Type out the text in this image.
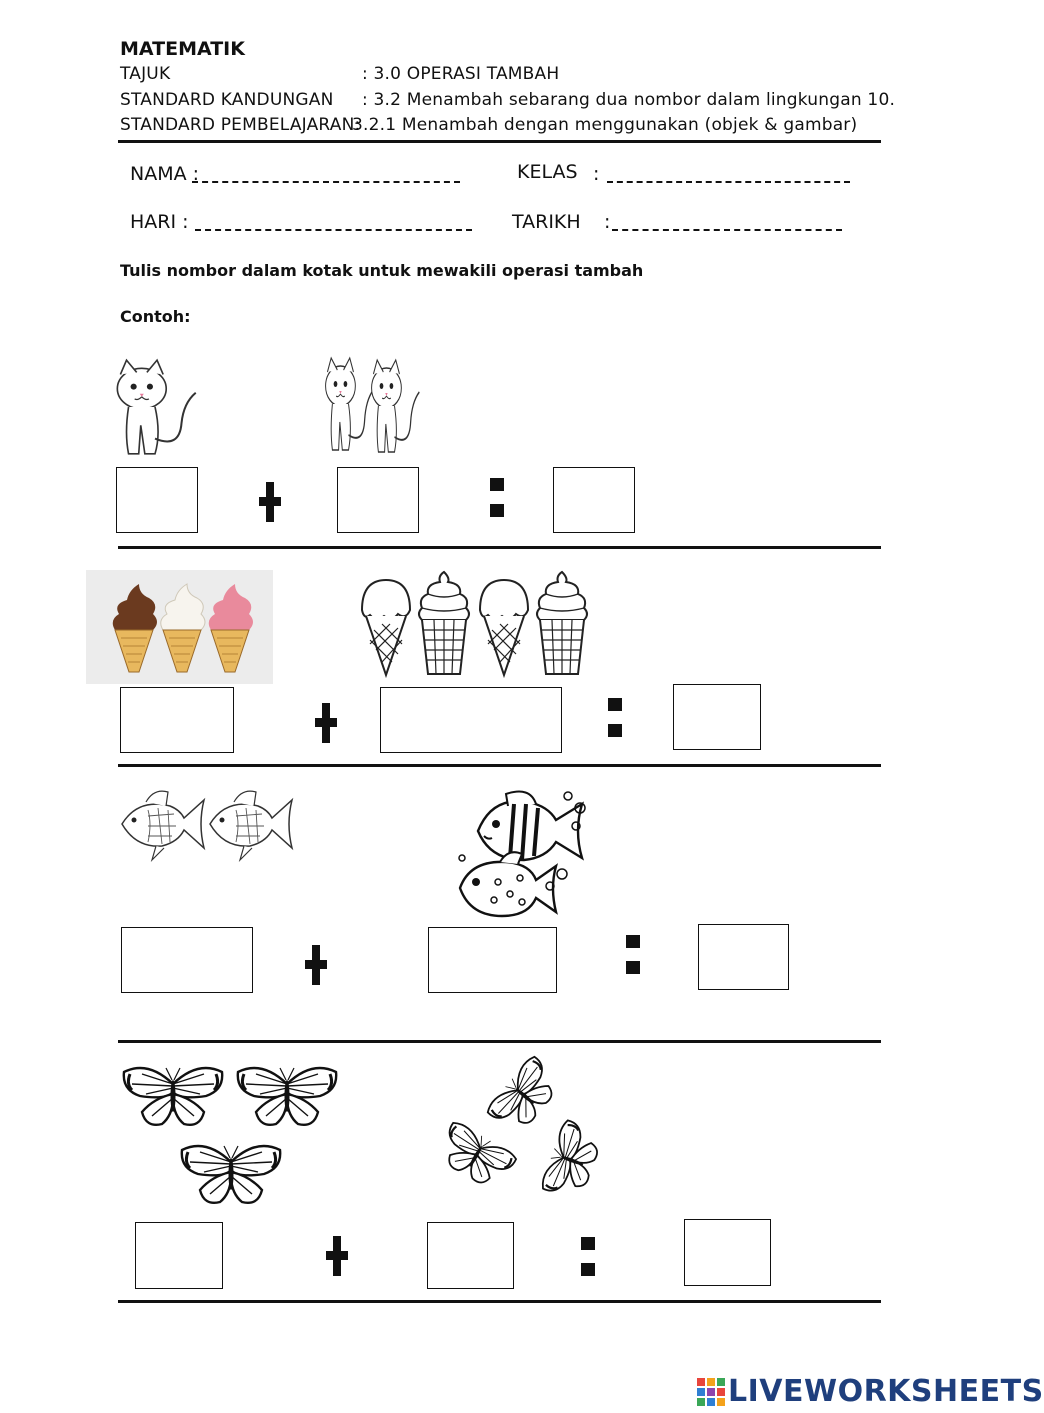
MATEMATIK
TAJUK	: 3.0 OPERASI TAMBAH
STANDARD KANDUNGAN : 3.2 Menambah sebarang dua nombor dalam lingkungan 10.
STANDARD PEMBELAJARAN:
3.2.1 Menambah dengan menggunakan (objek & gambar)
NAMA :	KELAS :
HARI :	TARIKH :
Tulis nombor dalam kotak untuk mewakili operasi tambah
Contoh:
LIVEWORKSHEETS
